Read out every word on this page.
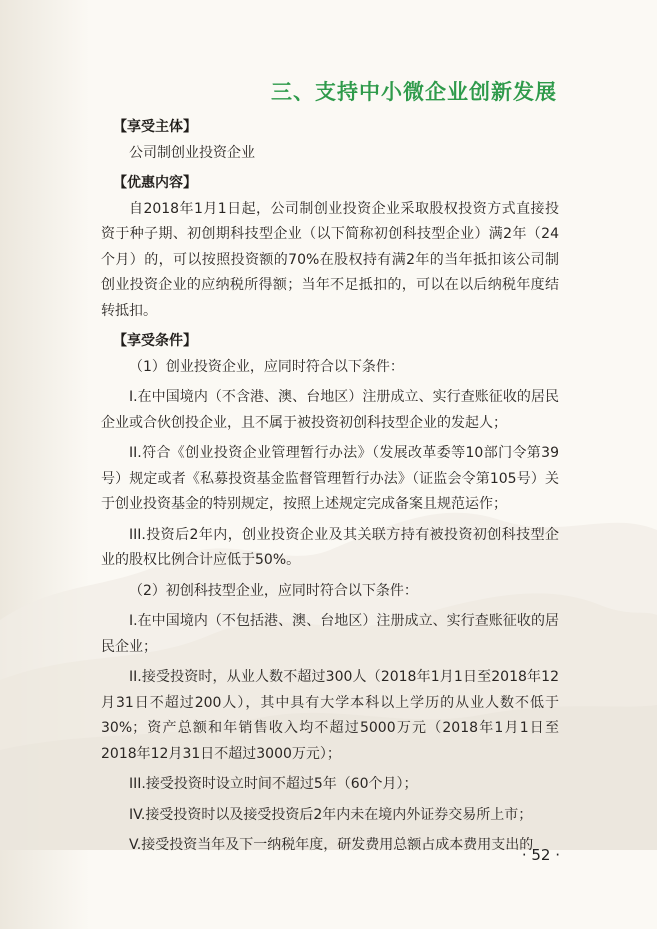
三、支持中小微企业创新发展

【享受主体】

公司制创业投资企业

【优惠内容】

自2018年1月1日起，公司制创业投资企业采取股权投资方式直接投资于种子期、初创期科技型企业（以下简称初创科技型企业）满2年（24个月）的，可以按照投资额的70%在股权持有满2年的当年抵扣该公司制创业投资企业的应纳税所得额；当年不足抵扣的，可以在以后纳税年度结转抵扣。

【享受条件】

（1）创业投资企业，应同时符合以下条件：

I.在中国境内（不含港、澳、台地区）注册成立、实行查账征收的居民企业或合伙创投企业，且不属于被投资初创科技型企业的发起人；

II.符合《创业投资企业管理暂行办法》（发展改革委等10部门令第39号）规定或者《私募投资基金监督管理暂行办法》（证监会令第105号）关于创业投资基金的特别规定，按照上述规定完成备案且规范运作；

III.投资后2年内，创业投资企业及其关联方持有被投资初创科技型企业的股权比例合计应低于50%。

（2）初创科技型企业，应同时符合以下条件：

I.在中国境内（不包括港、澳、台地区）注册成立、实行查账征收的居民企业；

II.接受投资时，从业人数不超过300人（2018年1月1日至2018年12月31日不超过200人），其中具有大学本科以上学历的从业人数不低于30%；资产总额和年销售收入均不超过5000万元（2018年1月1日至2018年12月31日不超过3000万元）；

III.接受投资时设立时间不超过5年（60个月）；

IV.接受投资时以及接受投资后2年内未在境内外证券交易所上市；

V.接受投资当年及下一纳税年度，研发费用总额占成本费用支出的

· 52 ·
